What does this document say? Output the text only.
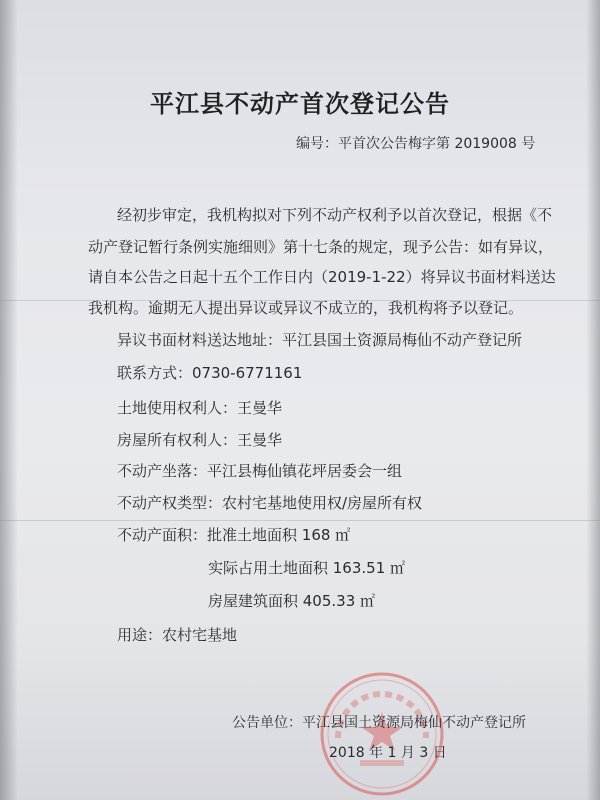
平江县不动产首次登记公告
编号：平首次公告梅字第 2019008 号
经初步审定，我机构拟对下列不动产权利予以首次登记，根据《不
动产登记暂行条例实施细则》第十七条的规定，现予公告：如有异议，
请自本公告之日起十五个工作日内（2019-1-22）将异议书面材料送达
我机构。逾期无人提出异议或异议不成立的，我机构将予以登记。
异议书面材料送达地址：平江县国土资源局梅仙不动产登记所
联系方式：0730-6771161
土地使用权利人：王曼华
房屋所有权利人：王曼华
不动产坐落：平江县梅仙镇花坪居委会一组
不动产权类型：农村宅基地使用权/房屋所有权
不动产面积：批准土地面积 168 ㎡
实际占用土地面积 163.51 ㎡
房屋建筑面积 405.33 ㎡
用途：农村宅基地
公告单位：平江县国土资源局梅仙不动产登记所
2018 年 1 月 3 日
